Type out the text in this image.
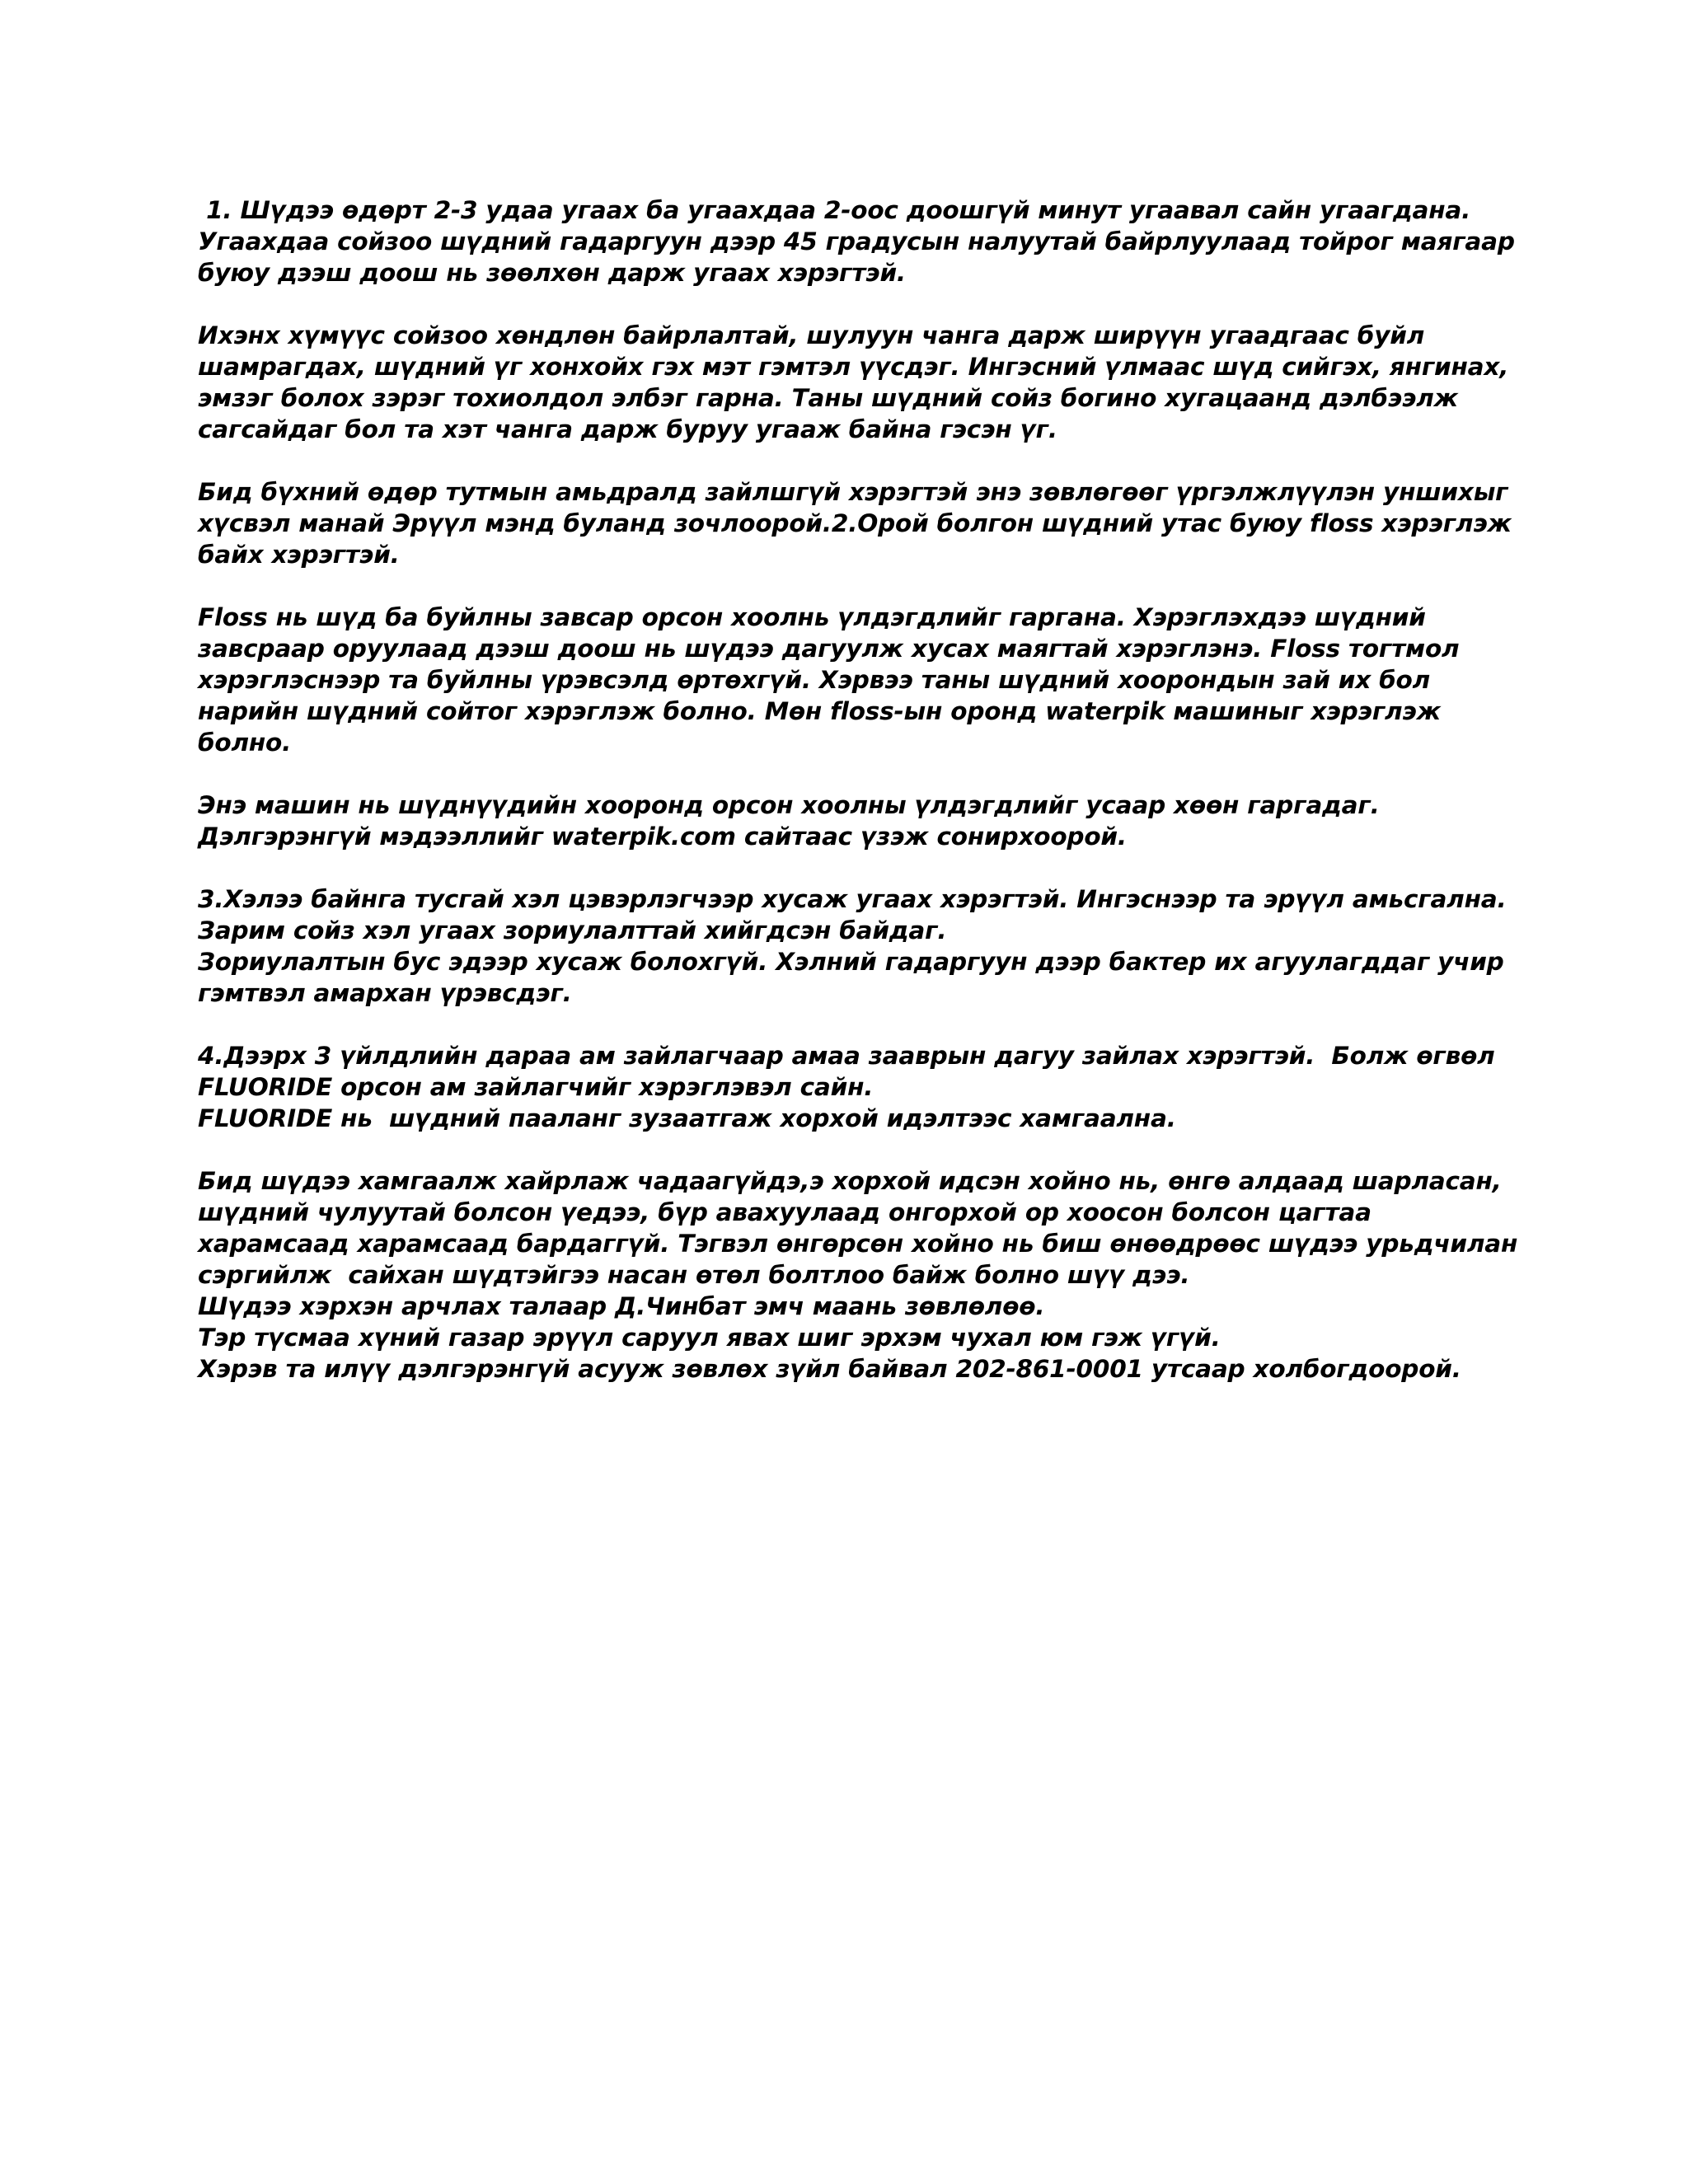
1. Шүдээ өдөрт 2-3 удаа угаах ба угаахдаа 2-оос доошгүй минут угаавал сайн угаагдана.
Угаахдаа сойзоо шүдний гадаргуун дээр 45 градусын налуутай байрлуулаад тойрог маягаар
буюу дээш доош нь зөөлхөн дарж угаах хэрэгтэй.

Ихэнх хүмүүс сойзоо хөндлөн байрлалтай, шулуун чанга дарж ширүүн угаадгаас буйл
шамрагдах, шүдний үг хонхойх гэх мэт гэмтэл үүсдэг. Ингэсний үлмаас шүд сийгэх, янгинах,
эмзэг болох зэрэг тохиолдол элбэг гарна. Таны шүдний сойз богино хугацаанд дэлбээлж
сагсайдаг бол та хэт чанга дарж буруу угааж байна гэсэн үг.

Бид бүхний өдөр тутмын амьдралд зайлшгүй хэрэгтэй энэ зөвлөгөөг үргэлжлүүлэн уншихыг
хүсвэл манай Эрүүл мэнд буланд зочлоорой.2.Орой болгон шүдний утас буюу floss хэрэглэж
байх хэрэгтэй.

Floss нь шүд ба буйлны завсар орсон хоолнь үлдэгдлийг гаргана. Хэрэглэхдээ шүдний
завсраар оруулаад дээш доош нь шүдээ дагуулж хусах маягтай хэрэглэнэ. Floss тогтмол
хэрэглэснээр та буйлны үрэвсэлд өртөхгүй. Хэрвээ таны шүдний хоорондын зай их бол
нарийн шүдний сойтог хэрэглэж болно. Мөн floss-ын оронд waterpik машиныг хэрэглэж
болно.

Энэ машин нь шүднүүдийн хооронд орсон хоолны үлдэгдлийг усаар хөөн гаргадаг.
Дэлгэрэнгүй мэдээллийг waterpik.com сайтаас үзэж сонирхоорой.

3.Хэлээ байнга тусгай хэл цэвэрлэгчээр хусаж угаах хэрэгтэй. Ингэснээр та эрүүл амьсгална.
Зарим сойз хэл угаах зориулалттай хийгдсэн байдаг.
Зориулалтын бус эдээр хусаж болохгүй. Хэлний гадаргуун дээр бактер их агуулагддаг учир
гэмтвэл амархан үрэвсдэг.

4.Дээрх 3 үйлдлийн дараа ам зайлагчаар амаа зааврын дагуу зайлах хэрэгтэй.  Болж өгвөл
FLUORIDE орсон ам зайлагчийг хэрэглэвэл сайн.
FLUORIDE нь  шүдний пааланг зузаатгаж хорхой идэлтээс хамгаална.

Бид шүдээ хамгаалж хайрлаж чадаагүйдэ,э хорхой идсэн хойно нь, өнгө алдаад шарласан,
шүдний чулуутай болсон үедээ, бүр авахуулаад онгорхой ор хоосон болсон цагтаа
харамсаад харамсаад бардаггүй. Тэгвэл өнгөрсөн хойно нь биш өнөөдрөөс шүдээ урьдчилан
сэргийлж  сайхан шүдтэйгээ насан өтөл болтлоо байж болно шүү дээ.
Шүдээ хэрхэн арчлах талаар Д.Чинбат эмч маань зөвлөлөө.
Тэр түсмаа хүний газар эрүүл саруул явах шиг эрхэм чухал юм гэж үгүй.
Хэрэв та илүү дэлгэрэнгүй асууж зөвлөх зүйл байвал 202-861-0001 утсаар холбогдоорой.
